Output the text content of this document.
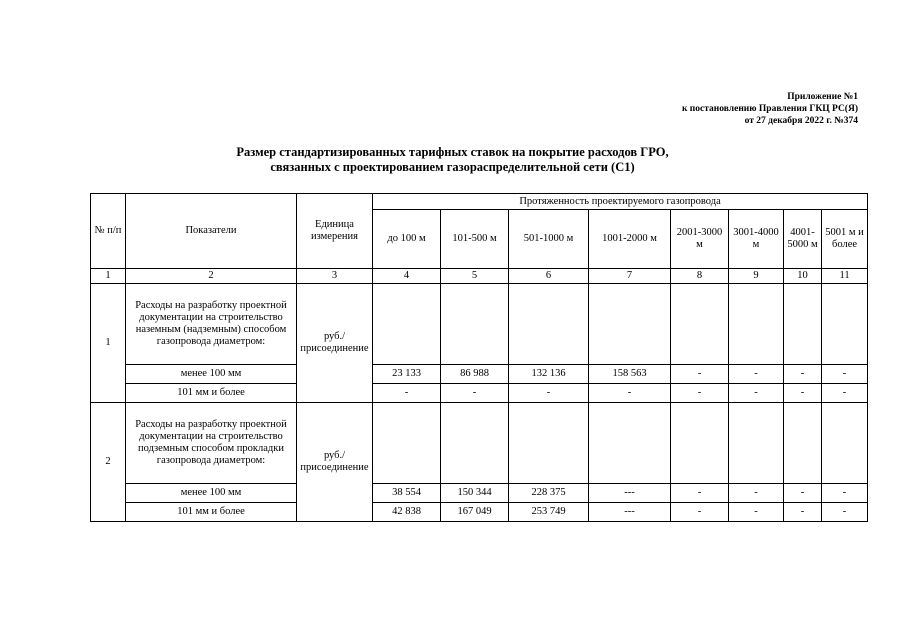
Приложение №1
к постановлению Правления ГКЦ РС(Я)
от 27 декабря 2022 г. №374
Размер стандартизированных тарифных ставок на покрытие расходов ГРО,
связанных с проектированием газораспределительной сети (С1)
№ п/п	Показатели	Единица измерения	Протяженность проектируемого газопровода							
			до 100 м	101-500 м	501-1000 м	1001-2000 м	2001-3000 м	3001-4000 м	4001-5000 м	5001 м и более
1	2	3	4	5	6	7	8	9	10	11
1	Расходы на разработку проектной документации на строительство наземным (надземным) способом газопровода диаметром:	руб./присоединение								
	менее 100 мм		23 133	86 988	132 136	158 563	-	-	-	-
	101 мм и более		-	-	-	-	-	-	-	-
2	Расходы на разработку проектной документации на строительство подземным способом прокладки газопровода диаметром:	руб./присоединение								
	менее 100 мм		38 554	150 344	228 375	---	-	-	-	-
	101 мм и более		42 838	167 049	253 749	---	-	-	-	-
